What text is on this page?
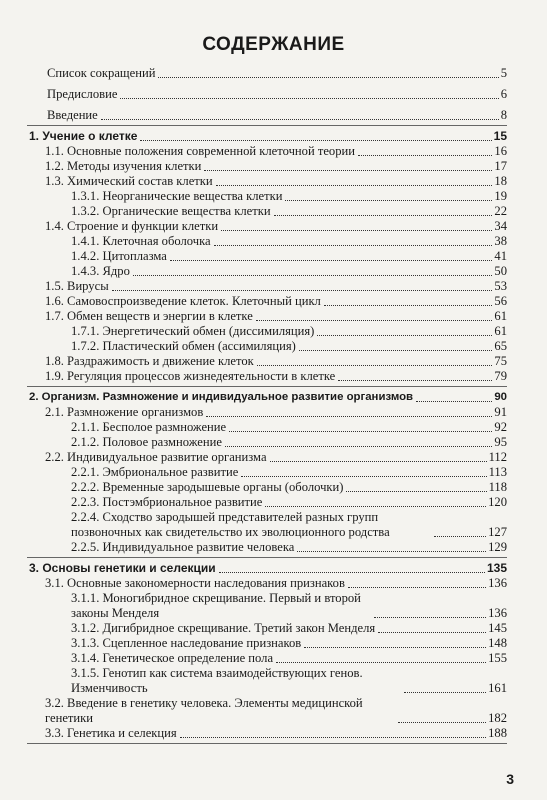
СОДЕРЖАНИЕ
Список сокращений	5
Предисловие	6
Введение	8
1. Учение о клетке	15
1.1. Основные положения современной клеточной теории	16
1.2. Методы изучения клетки	17
1.3. Химический состав клетки	18
1.3.1. Неорганические вещества клетки	19
1.3.2. Органические вещества клетки	22
1.4. Строение и функции клетки	34
1.4.1. Клеточная оболочка	38
1.4.2. Цитоплазма	41
1.4.3. Ядро	50
1.5. Вирусы	53
1.6. Самовоспроизведение клеток. Клеточный цикл	56
1.7. Обмен веществ и энергии в клетке	61
1.7.1. Энергетический обмен (диссимиляция)	61
1.7.2. Пластический обмен (ассимиляция)	65
1.8. Раздражимость и движение клеток	75
1.9. Регуляция процессов жизнедеятельности в клетке	79
2. Организм. Размножение и индивидуальное развитие организмов	90
2.1. Размножение организмов	91
2.1.1. Бесполое размножение	92
2.1.2. Половое размножение	95
2.2. Индивидуальное развитие организма	112
2.2.1. Эмбриональное развитие	113
2.2.2. Временные зародышевые органы (оболочки)	118
2.2.3. Постэмбриональное развитие	120
2.2.4. Сходство зародышей представителей разных групп позвоночных как свидетельство их эволюционного родства	127
2.2.5. Индивидуальное развитие человека	129
3. Основы генетики и селекции	135
3.1. Основные закономерности наследования признаков	136
3.1.1. Моногибридное скрещивание. Первый и второй законы Менделя	136
3.1.2. Дигибридное скрещивание. Третий закон Менделя	145
3.1.3. Сцепленное наследование признаков	148
3.1.4. Генетическое определение пола	155
3.1.5. Генотип как система взаимодействующих генов. Изменчивость	161
3.2. Введение в генетику человека. Элементы медицинской генетики	182
3.3. Генетика и селекция	188
3
